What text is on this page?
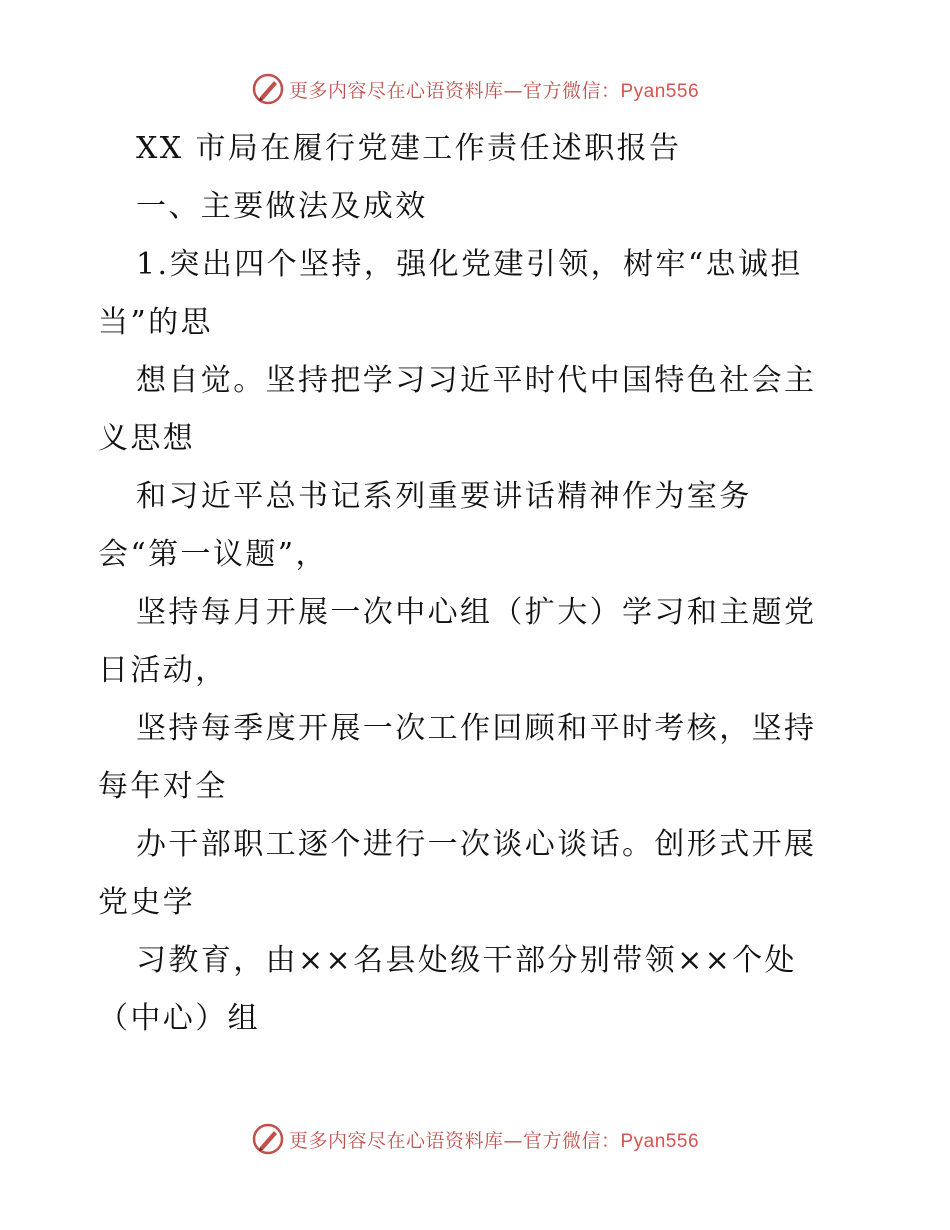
更多内容尽在心语资料库—官方微信：Pyan556
XX 市局在履行党建工作责任述职报告
一、主要做法及成效
1.突出四个坚持，强化党建引领，树牢“忠诚担
当”的思
想自觉。坚持把学习习近平时代中国特色社会主
义思想
和习近平总书记系列重要讲话精神作为室务
会“第一议题”，
坚持每月开展一次中心组（扩大）学习和主题党
日活动，
坚持每季度开展一次工作回顾和平时考核，坚持
每年对全
办干部职工逐个进行一次谈心谈话。创形式开展
党史学
习教育，由××名县处级干部分别带领××个处
（中心）组
更多内容尽在心语资料库—官方微信：Pyan556
